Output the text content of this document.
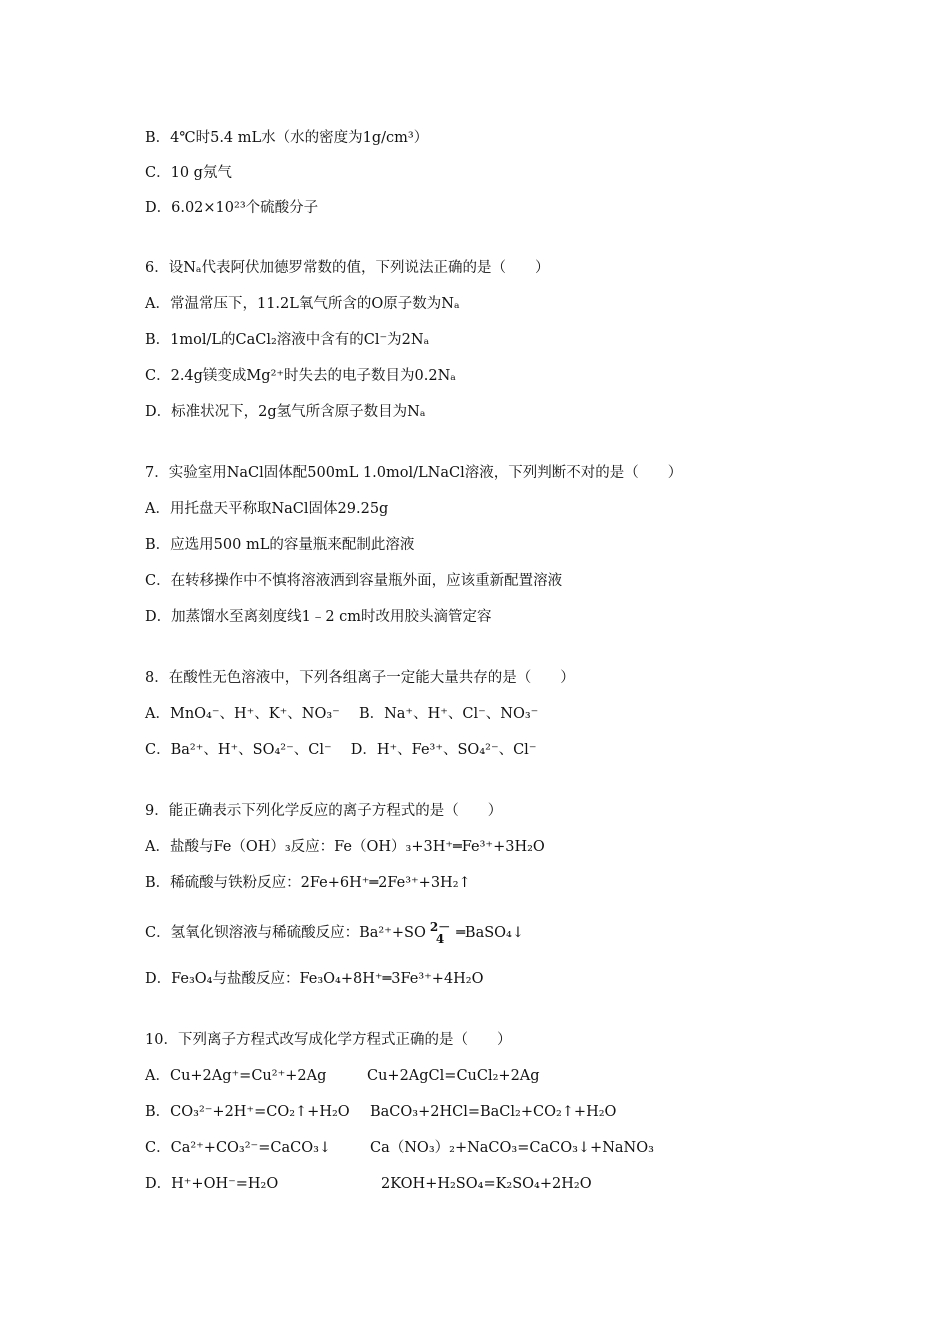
B．4℃时5.4 mL水（水的密度为1g/cm³）
C．10 g氖气
D．6.02×10²³个硫酸分子
6．设Nₐ代表阿伏加德罗常数的值，下列说法正确的是（　　）
A．常温常压下，11.2L氧气所含的O原子数为Nₐ
B．1mol/L的CaCl₂溶液中含有的Cl⁻为2Nₐ
C．2.4g镁变成Mg²⁺时失去的电子数目为0.2Nₐ
D．标准状况下，2g氢气所含原子数目为Nₐ
7．实验室用NaCl固体配500mL 1.0mol/LNaCl溶液，下列判断不对的是（　　）
A．用托盘天平称取NaCl固体29.25g
B．应选用500 mL的容量瓶来配制此溶液
C．在转移操作中不慎将溶液洒到容量瓶外面，应该重新配置溶液
D．加蒸馏水至离刻度线1﹣2 cm时改用胶头滴管定容
8．在酸性无色溶液中，下列各组离子一定能大量共存的是（　　）
A．MnO₄⁻、H⁺、K⁺、NO₃⁻　 B．Na⁺、H⁺、Cl⁻、NO₃⁻
C．Ba²⁺、H⁺、SO₄²⁻、Cl⁻　 D．H⁺、Fe³⁺、SO₄²⁻、Cl⁻
9．能正确表示下列化学反应的离子方程式的是（　　）
A．盐酸与Fe（OH）₃反应：Fe（OH）₃+3H⁺═Fe³⁺+3H₂O
B．稀硫酸与铁粉反应：2Fe+6H⁺═2Fe³⁺+3H₂↑
C．氢氧化钡溶液与稀硫酸反应：Ba²⁺+SO 2－
4 ═BaSO₄↓
D．Fe₃O₄与盐酸反应：Fe₃O₄+8H⁺═3Fe³⁺+4H₂O
10．下列离子方程式改写成化学方程式正确的是（　　）
A．Cu+2Ag⁺=Cu²⁺+2Ag	Cu+2AgCl=CuCl₂+2Ag
B．CO₃²⁻+2H⁺=CO₂↑+H₂O BaCO₃+2HCl=BaCl₂+CO₂↑+H₂O
C．Ca²⁺+CO₃²⁻=CaCO₃↓	Ca（NO₃）₂+NaCO₃=CaCO₃↓+NaNO₃
D．H⁺+OH⁻=H₂O	2KOH+H₂SO₄=K₂SO₄+2H₂O
